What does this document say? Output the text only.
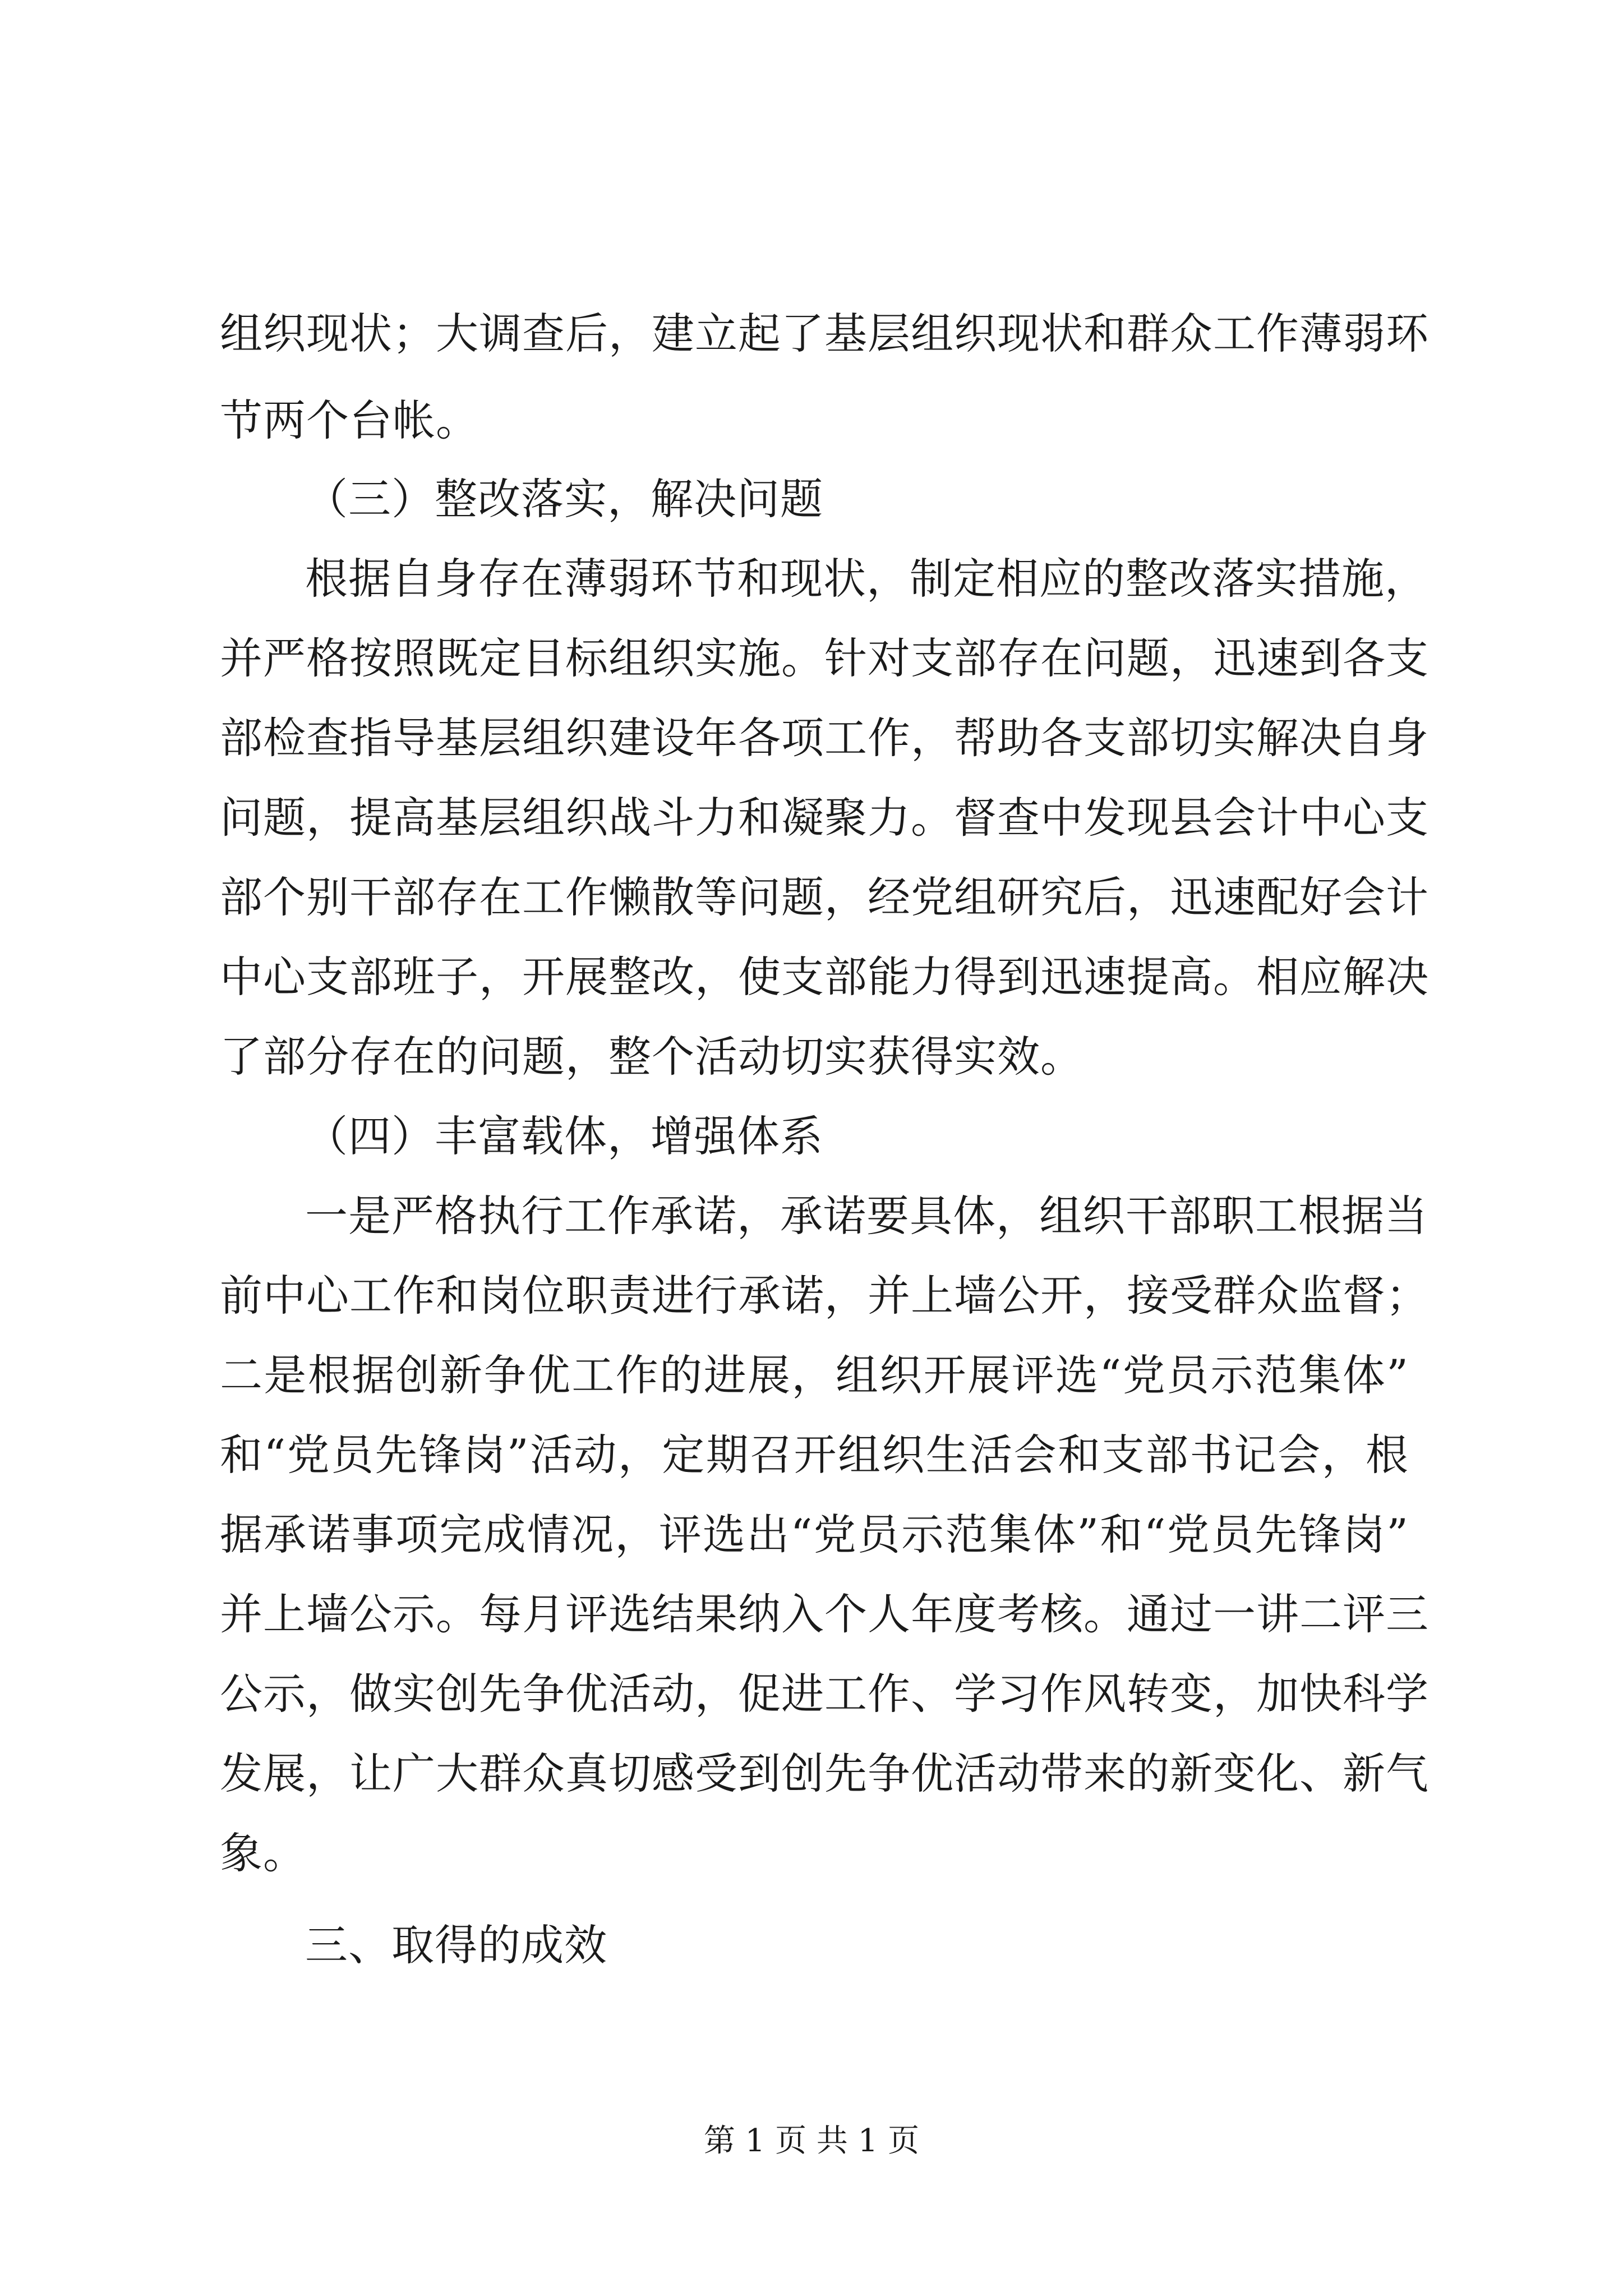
组织现状；大调查后，建立起了基层组织现状和群众工作薄弱环
节两个台帐。
（三）整改落实，解决问题
根据自身存在薄弱环节和现状，制定相应的整改落实措施，
并严格按照既定目标组织实施。针对支部存在问题，迅速到各支
部检查指导基层组织建设年各项工作，帮助各支部切实解决自身
问题，提高基层组织战斗力和凝聚力。督查中发现县会计中心支
部个别干部存在工作懒散等问题，经党组研究后，迅速配好会计
中心支部班子，开展整改，使支部能力得到迅速提高。相应解决
了部分存在的问题，整个活动切实获得实效。
（四）丰富载体，增强体系
一是严格执行工作承诺，承诺要具体，组织干部职工根据当
前中心工作和岗位职责进行承诺，并上墙公开，接受群众监督；
二是根据创新争优工作的进展，组织开展评选“党员示范集体”
和“党员先锋岗”活动，定期召开组织生活会和支部书记会，根
据承诺事项完成情况，评选出“党员示范集体”和“党员先锋岗”
并上墙公示。每月评选结果纳入个人年度考核。通过一讲二评三
公示，做实创先争优活动，促进工作、学习作风转变，加快科学
发展，让广大群众真切感受到创先争优活动带来的新变化、新气
象。
三、取得的成效
第 1 页 共 1 页
